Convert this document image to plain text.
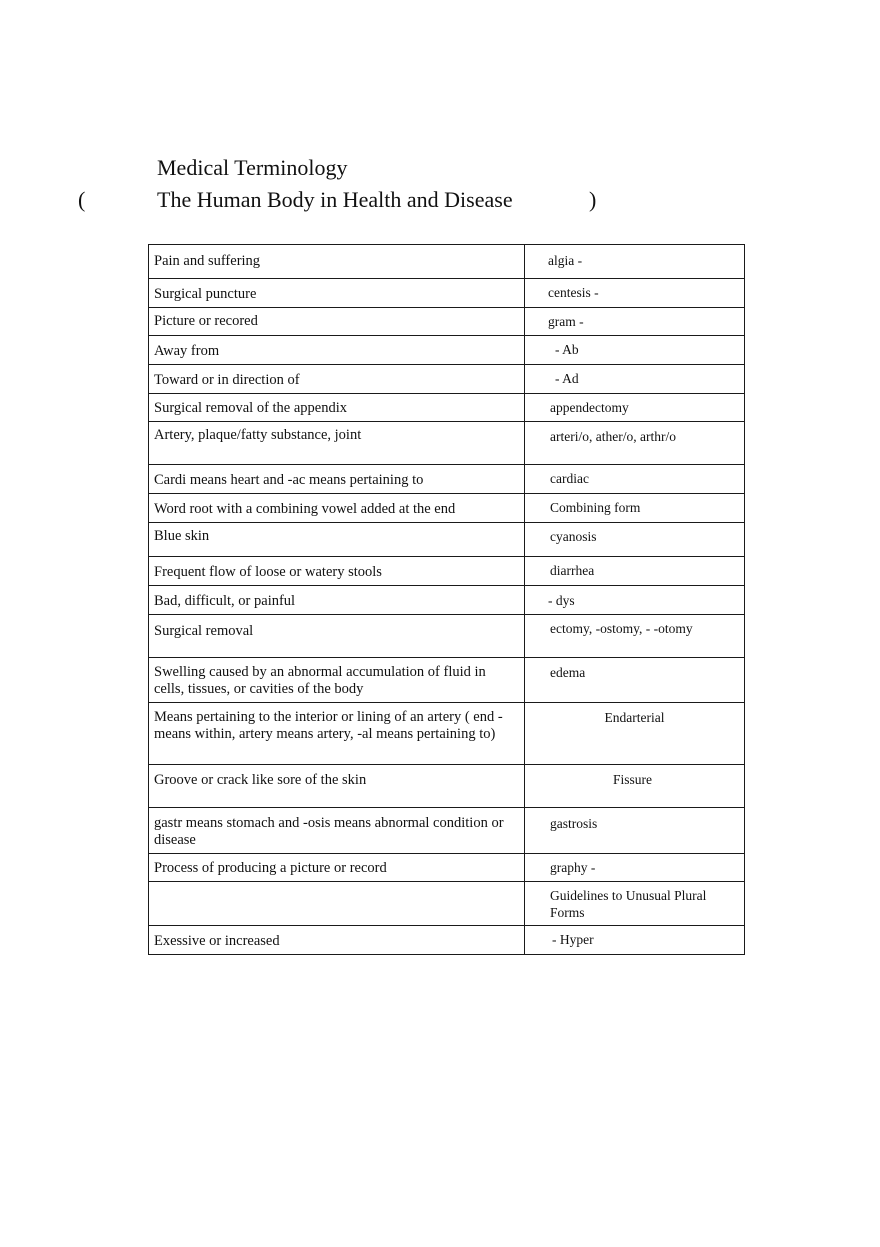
Medical Terminology
(	The Human Body in Health and Disease	)
Pain and suffering	algia -
Surgical puncture	centesis -
Picture or recored	gram -
Away from	- Ab
Toward or in direction of	- Ad
Surgical removal of the appendix	appendectomy
Artery, plaque/fatty substance, joint	arteri/o, ather/o, arthr/o
Cardi means heart and -ac means pertaining to	cardiac
Word root with a combining vowel added at the end	Combining form
Blue skin	cyanosis
Frequent flow of loose or watery stools	diarrhea
Bad, difficult, or painful	- dys
Surgical removal	ectomy, -ostomy, - -otomy
Swelling caused by an abnormal accumulation of fluid in cells, tissues, or cavities of the body	edema
Means pertaining to the interior or lining of an artery ( end - means within, artery means artery, -al means pertaining to)	Endarterial
Groove or crack like sore of the skin	Fissure
gastr means stomach and -osis means abnormal condition or disease	gastrosis
Process of producing a picture or record	graphy -
	Guidelines to Unusual Plural Forms
Exessive or increased	- Hyper
